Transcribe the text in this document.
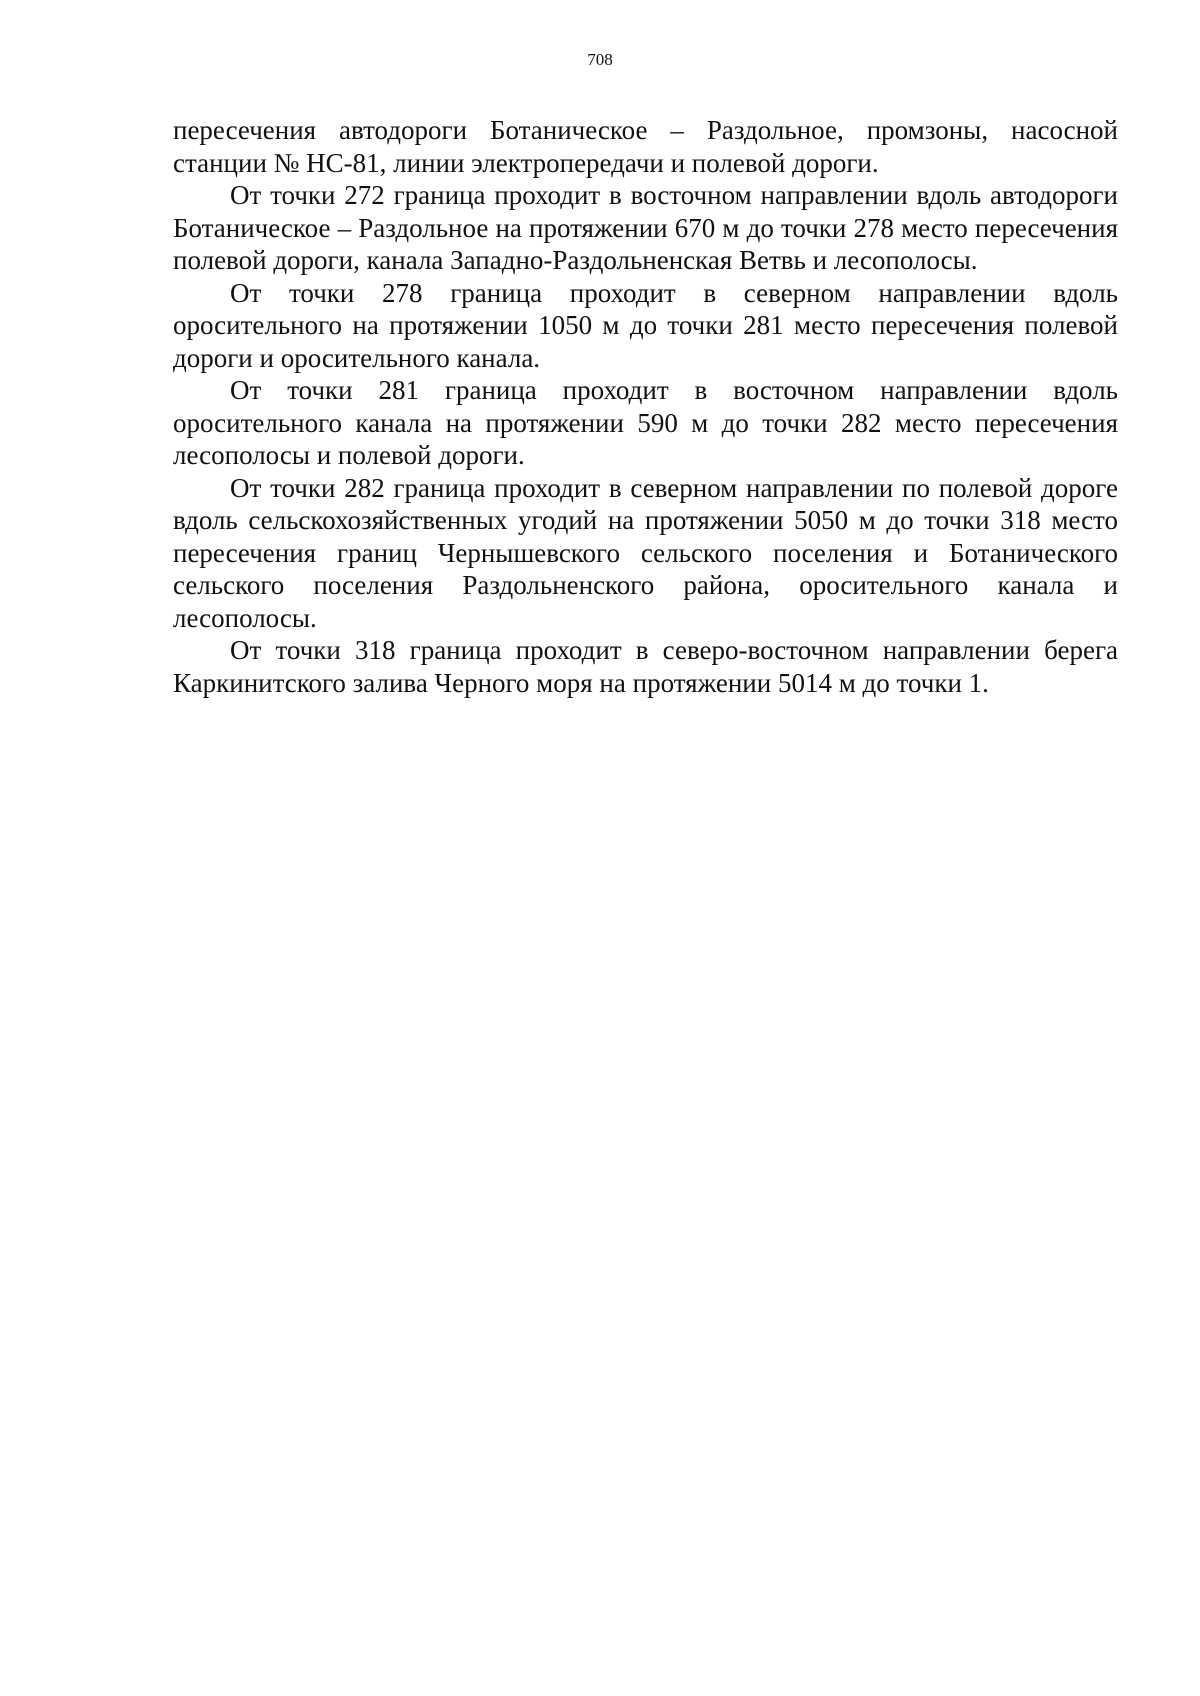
708

пересечения автодороги Ботаническое – Раздольное, промзоны, насосной станции № НС-81, линии электропередачи и полевой дороги.

От точки 272 граница проходит в восточном направлении вдоль автодороги Ботаническое – Раздольное на протяжении 670 м до точки 278 место пересечения полевой дороги, канала Западно-Раздольненская Ветвь и лесополосы.

От точки 278 граница проходит в северном направлении вдоль оросительного на протяжении 1050 м до точки 281 место пересечения полевой дороги и оросительного канала.

От точки 281 граница проходит в восточном направлении вдоль оросительного канала на протяжении 590 м до точки 282 место пересечения лесополосы и полевой дороги.

От точки 282 граница проходит в северном направлении по полевой дороге вдоль сельскохозяйственных угодий на протяжении 5050 м до точки 318 место пересечения границ Чернышевского сельского поселения и Ботанического сельского поселения Раздольненского района, оросительного канала и лесополосы.

От точки 318 граница проходит в северо-восточном направлении берега Каркинитского залива Черного моря на протяжении 5014 м до точки 1.
